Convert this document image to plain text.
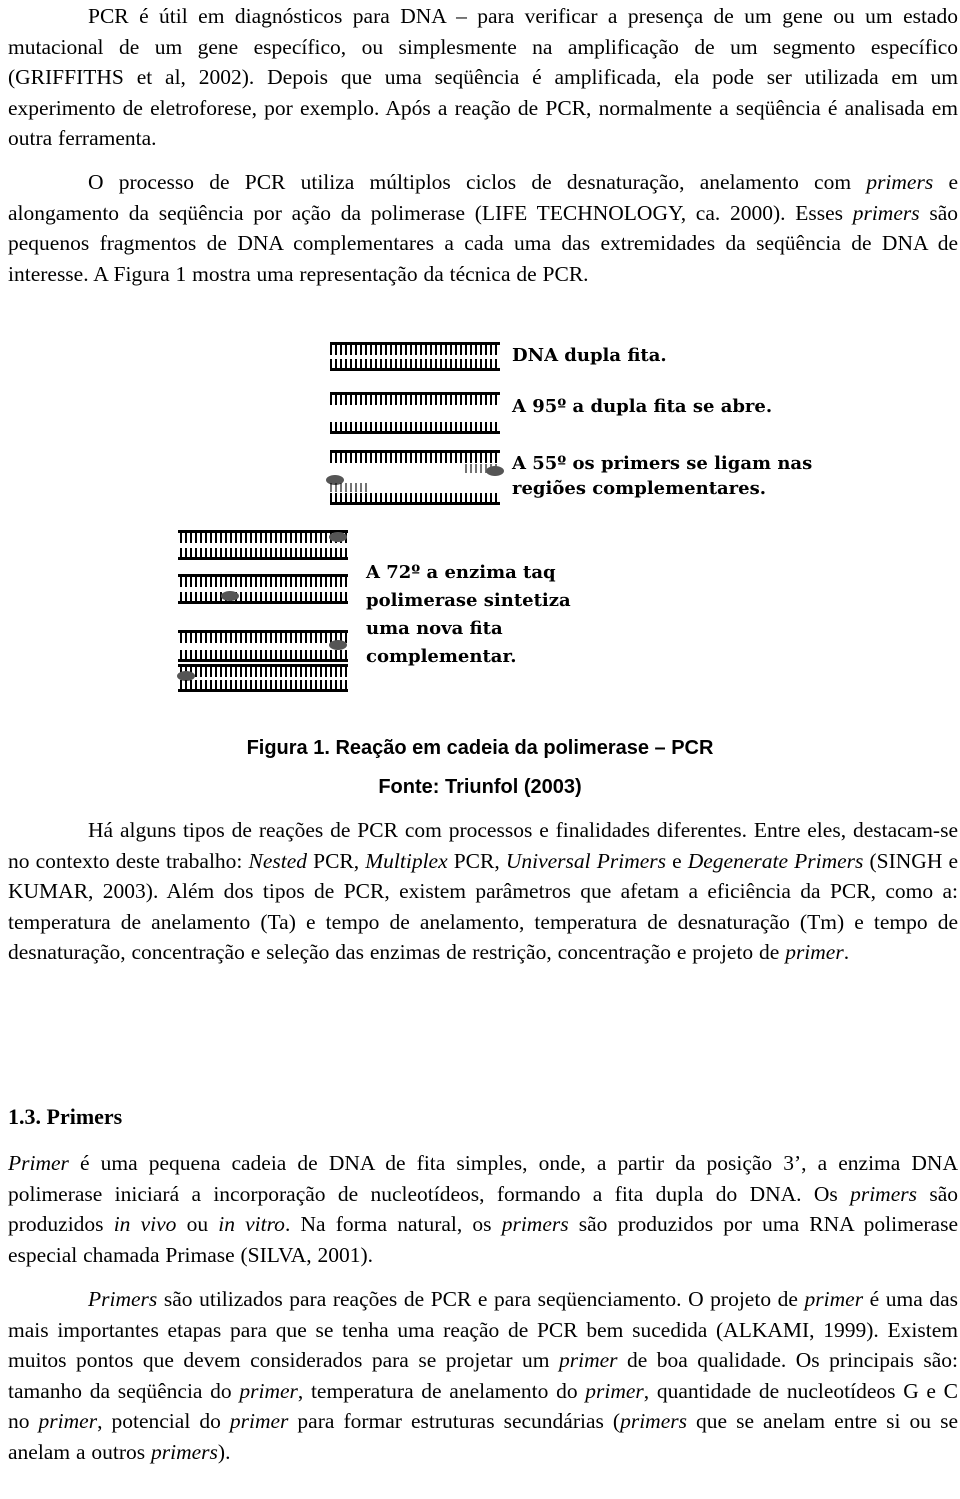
PCR é útil em diagnósticos para DNA – para verificar a presença de um gene ou um estado mutacional de um gene específico, ou simplesmente na amplificação de um segmento específico (GRIFFITHS et al, 2002). Depois que uma seqüência é amplificada, ela pode ser utilizada em um experimento de eletroforese, por exemplo. Após a reação de PCR, normalmente a seqüência é analisada em outra ferramenta.

O processo de PCR utiliza múltiplos ciclos de desnaturação, anelamento com primers e alongamento da seqüência por ação da polimerase (LIFE TECHNOLOGY, ca. 2000). Esses primers são pequenos fragmentos de DNA complementares a cada uma das extremidades da seqüência de DNA de interesse. A Figura 1 mostra uma representação da técnica de PCR.

DNA dupla fita.
A 95º a dupla fita se abre.
A 55º os primers se ligam nas
regiões complementares.
A 72º a enzima taq
polimerase sintetiza
uma nova fita
complementar.
Figura 1. Reação em cadeia da polimerase – PCR
Fonte: Triunfol (2003)

Há alguns tipos de reações de PCR com processos e finalidades diferentes. Entre eles, destacam-se no contexto deste trabalho: Nested PCR, Multiplex PCR, Universal Primers e Degenerate Primers (SINGH e KUMAR, 2003). Além dos tipos de PCR, existem parâmetros que afetam a eficiência da PCR, como a: temperatura de anelamento (Ta) e tempo de anelamento, temperatura de desnaturação (Tm) e tempo de desnaturação, concentração e seleção das enzimas de restrição, concentração e projeto de primer.

1.3. Primers

Primer é uma pequena cadeia de DNA de fita simples, onde, a partir da posição 3’, a enzima DNA polimerase iniciará a incorporação de nucleotídeos, formando a fita dupla do DNA. Os primers são produzidos in vivo ou in vitro. Na forma natural, os primers são produzidos por uma RNA polimerase especial chamada Primase (SILVA, 2001).

Primers são utilizados para reações de PCR e para seqüenciamento. O projeto de primer é uma das mais importantes etapas para que se tenha uma reação de PCR bem sucedida (ALKAMI, 1999). Existem muitos pontos que devem considerados para se projetar um primer de boa qualidade. Os principais são: tamanho da seqüência do primer, temperatura de anelamento do primer, quantidade de nucleotídeos G e C no primer, potencial do primer para formar estruturas secundárias (primers que se anelam entre si ou se anelam a outros primers).
